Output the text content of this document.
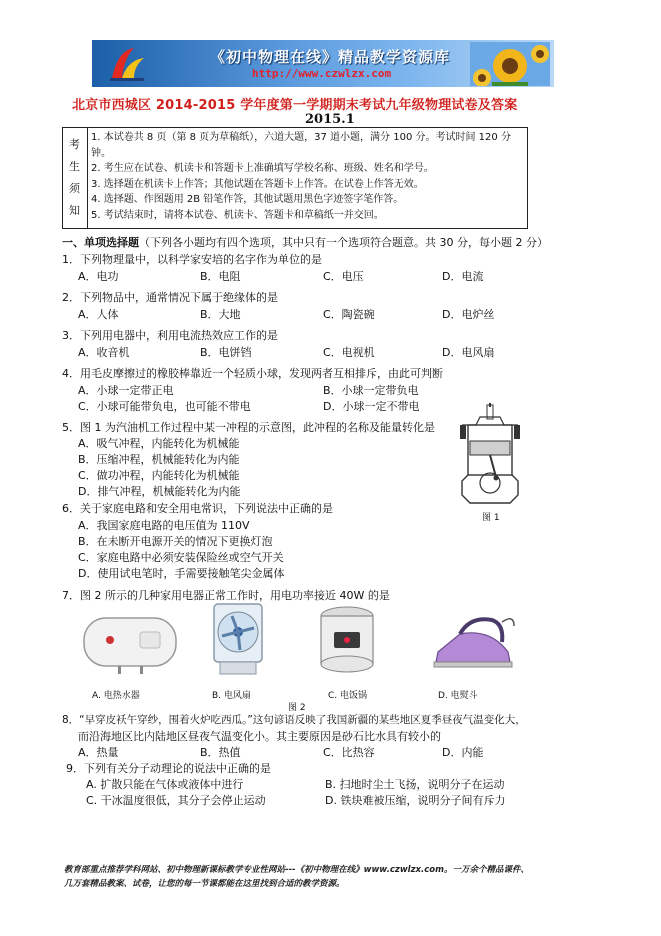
《初中物理在线》精品教学资源库
http://www.czwlzx.com
北京市西城区 2014-2015 学年度第一学期期末考试九年级物理试卷及答案
2015.1
考
生
须
知
1. 本试卷共 8 页（第 8 页为草稿纸），六道大题，37 道小题，满分 100 分。考试时间 120 分
钟。
2. 考生应在试卷、机读卡和答题卡上准确填写学校名称、班级、姓名和学号。
3. 选择题在机读卡上作答；其他试题在答题卡上作答。在试卷上作答无效。
4. 选择题、作图题用 2B 铅笔作答，其他试题用黑色字迹签字笔作答。
5. 考试结束时，请将本试卷、机读卡、答题卡和草稿纸一并交回。
一、单项选择题（下列各小题均有四个选项，其中只有一个选项符合题意。共 30 分，每小题 2 分）
1．下列物理量中，以科学家安培的名字作为单位的是
A．电功	B．电阻	C．电压	D．电流
2．下列物品中，通常情况下属于绝缘体的是
A．人体	B．大地	C．陶瓷碗	D．电炉丝
3．下列用电器中，利用电流热效应工作的是
A．收音机	B．电饼铛	C．电视机	D．电风扇
4．用毛皮摩擦过的橡胶棒靠近一个轻质小球，发现两者互相排斥，由此可判断
A．小球一定带正电	B．小球一定带负电
C．小球可能带负电，也可能不带电	D．小球一定不带电
5．图 1 为汽油机工作过程中某一冲程的示意图，此冲程的名称及能量转化是
A．吸气冲程，内能转化为机械能
B．压缩冲程，机械能转化为内能
C．做功冲程，内能转化为机械能
D．排气冲程，机械能转化为内能
图 1
6．关于家庭电路和安全用电常识，下列说法中正确的是
A．我国家庭电路的电压值为 110V
B．在未断开电源开关的情况下更换灯泡
C．家庭电路中必须安装保险丝或空气开关
D．使用试电笔时，手需要接触笔尖金属体
7．图 2 所示的几种家用电器正常工作时，用电功率接近 40W 的是
A. 电热水器	B. 电风扇	C. 电饭锅	D. 电熨斗
图 2
8．“早穿皮袄午穿纱，围着火炉吃西瓜。”这句谚语反映了我国新疆的某些地区夏季昼夜气温变化大，
而沿海地区比内陆地区昼夜气温变化小。其主要原因是砂石比水具有较小的
A．热量	B．热值	C．比热容	D．内能
9．下列有关分子动理论的说法中正确的是
A. 扩散只能在气体或液体中进行	B. 扫地时尘土飞扬，说明分子在运动
C. 干冰温度很低，其分子会停止运动	D. 铁块难被压缩，说明分子间有斥力
教育部重点推荐学科网站、初中物理新课标教学专业性网站---《初中物理在线》www.czwlzx.com。一万余个精品课件、
几万套精品教案、试卷，让您的每一节课都能在这里找到合适的教学资源。
